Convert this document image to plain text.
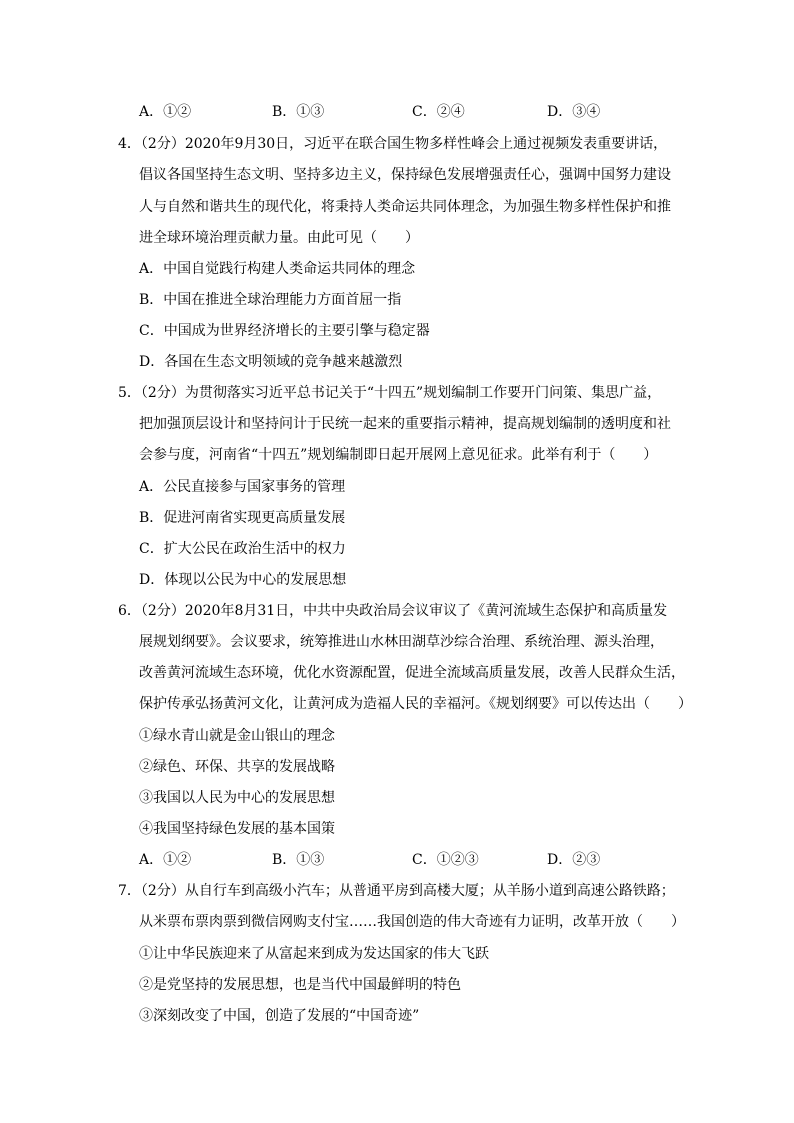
A．①②	B．①③	C．②④	D．③④
4．（2分）2020年9月30日，习近平在联合国生物多样性峰会上通过视频发表重要讲话，
倡议各国坚持生态文明、坚持多边主义，保持绿色发展增强责任心，强调中国努力建设
人与自然和谐共生的现代化，将秉持人类命运共同体理念，为加强生物多样性保护和推
进全球环境治理贡献力量。由此可见（　　）
A．中国自觉践行构建人类命运共同体的理念
B．中国在推进全球治理能力方面首屈一指
C．中国成为世界经济增长的主要引擎与稳定器
D．各国在生态文明领域的竞争越来越激烈
5．（2分）为贯彻落实习近平总书记关于“十四五”规划编制工作要开门问策、集思广益，
把加强顶层设计和坚持问计于民统一起来的重要指示精神，提高规划编制的透明度和社
会参与度，河南省“十四五”规划编制即日起开展网上意见征求。此举有利于（　　）
A．公民直接参与国家事务的管理
B．促进河南省实现更高质量发展
C．扩大公民在政治生活中的权力
D．体现以公民为中心的发展思想
6．（2分）2020年8月31日，中共中央政治局会议审议了《黄河流域生态保护和高质量发
展规划纲要》。会议要求，统筹推进山水林田湖草沙综合治理、系统治理、源头治理，
改善黄河流域生态环境，优化水资源配置，促进全流域高质量发展，改善人民群众生活，
保护传承弘扬黄河文化，让黄河成为造福人民的幸福河。《规划纲要》可以传达出（　　）
①绿水青山就是金山银山的理念
②绿色、环保、共享的发展战略
③我国以人民为中心的发展思想
④我国坚持绿色发展的基本国策
A．①②	B．①③	C．①②③	D．②③
7．（2分）从自行车到高级小汽车；从普通平房到高楼大厦；从羊肠小道到高速公路铁路；
从米票布票肉票到微信网购支付宝……我国创造的伟大奇迹有力证明，改革开放（　　）
①让中华民族迎来了从富起来到成为发达国家的伟大飞跃
②是党坚持的发展思想，也是当代中国最鲜明的特色
③深刻改变了中国，创造了发展的“中国奇迹”
